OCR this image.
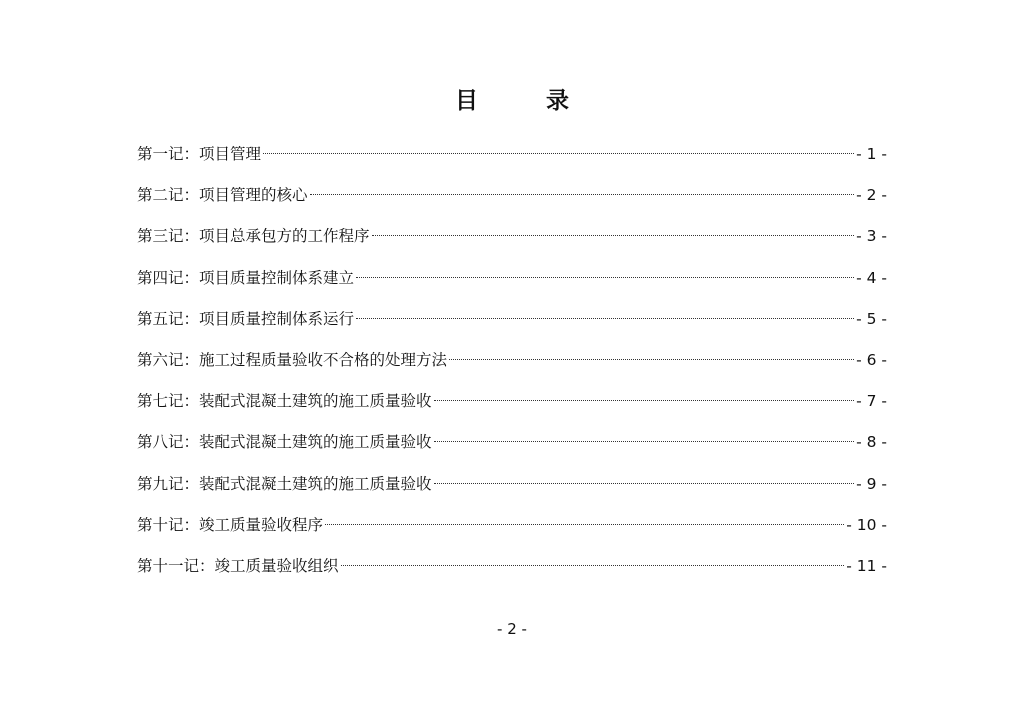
目 录
第一记：项目管理	- 1 -
第二记：项目管理的核心	- 2 -
第三记：项目总承包方的工作程序	- 3 -
第四记：项目质量控制体系建立	- 4 -
第五记：项目质量控制体系运行	- 5 -
第六记：施工过程质量验收不合格的处理方法	- 6 -
第七记：装配式混凝土建筑的施工质量验收	- 7 -
第八记：装配式混凝土建筑的施工质量验收	- 8 -
第九记：装配式混凝土建筑的施工质量验收	- 9 -
第十记：竣工质量验收程序	- 10 -
第十一记：竣工质量验收组织	- 11 -
- 2 -
